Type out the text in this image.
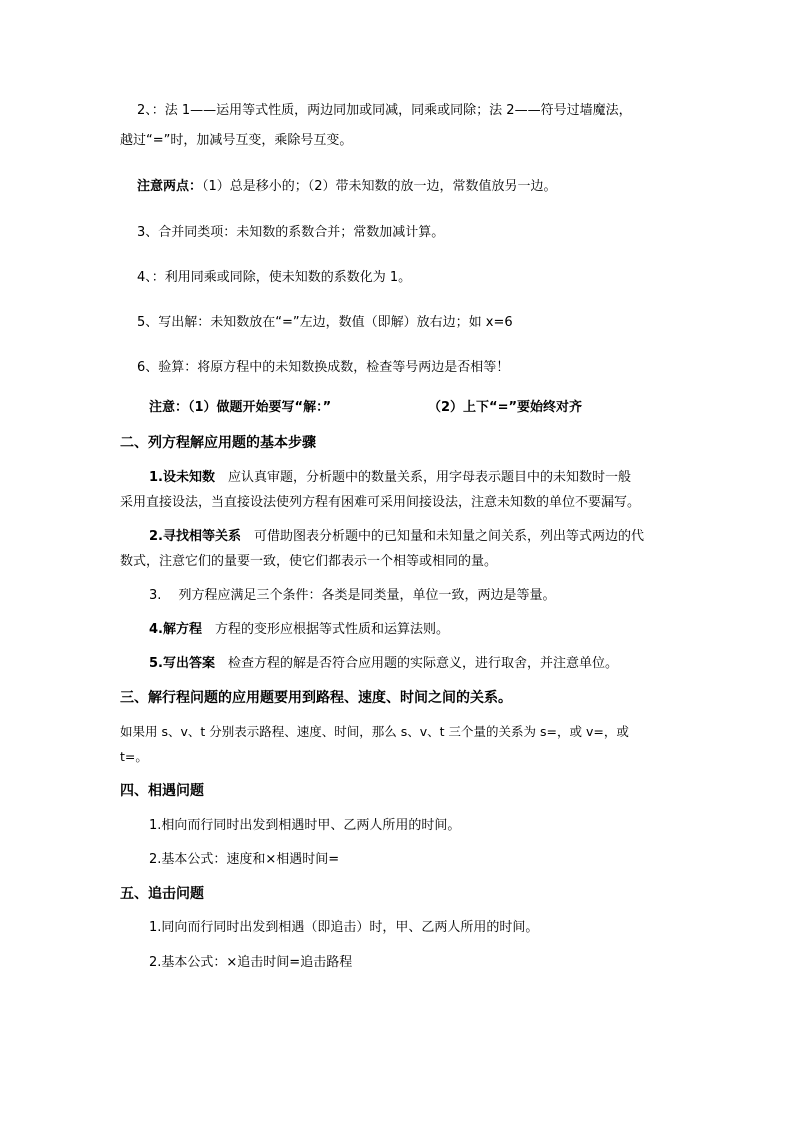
2、：法 1——运用等式性质，两边同加或同减，同乘或同除；法 2——符号过墙魔法，
越过“=”时，加减号互变，乘除号互变。
注意两点：（1）总是移小的；（2）带未知数的放一边，常数值放另一边。
3、合并同类项：未知数的系数合并；常数加减计算。
4、：利用同乘或同除，使未知数的系数化为 1。
5、写出解：未知数放在“=”左边，数值（即解）放右边；如 x=6
6、验算：将原方程中的未知数换成数，检查等号两边是否相等！
注意：（1）做题开始要写“解：”	（2）上下“=”要始终对齐
二、列方程解应用题的基本步骤
1.设未知数　应认真审题，分析题中的数量关系，用字母表示题目中的未知数时一般
采用直接设法，当直接设法使列方程有困难可采用间接设法，注意未知数的单位不要漏写。
2.寻找相等关系　可借助图表分析题中的已知量和未知量之间关系，列出等式两边的代
数式，注意它们的量要一致，使它们都表示一个相等或相同的量。
3.　 列方程应满足三个条件：各类是同类量，单位一致，两边是等量。
4.解方程　方程的变形应根据等式性质和运算法则。
5.写出答案　检查方程的解是否符合应用题的实际意义，进行取舍，并注意单位。
三、解行程问题的应用题要用到路程、速度、时间之间的关系。
如果用 s、v、t 分别表示路程、速度、时间，那么 s、v、t 三个量的关系为 s=，或 v=，或
t=。
四、相遇问题
1.相向而行同时出发到相遇时甲、乙两人所用的时间。
2.基本公式：速度和×相遇时间=
五、追击问题
1.同向而行同时出发到相遇（即追击）时，甲、乙两人所用的时间。
2.基本公式：×追击时间=追击路程
